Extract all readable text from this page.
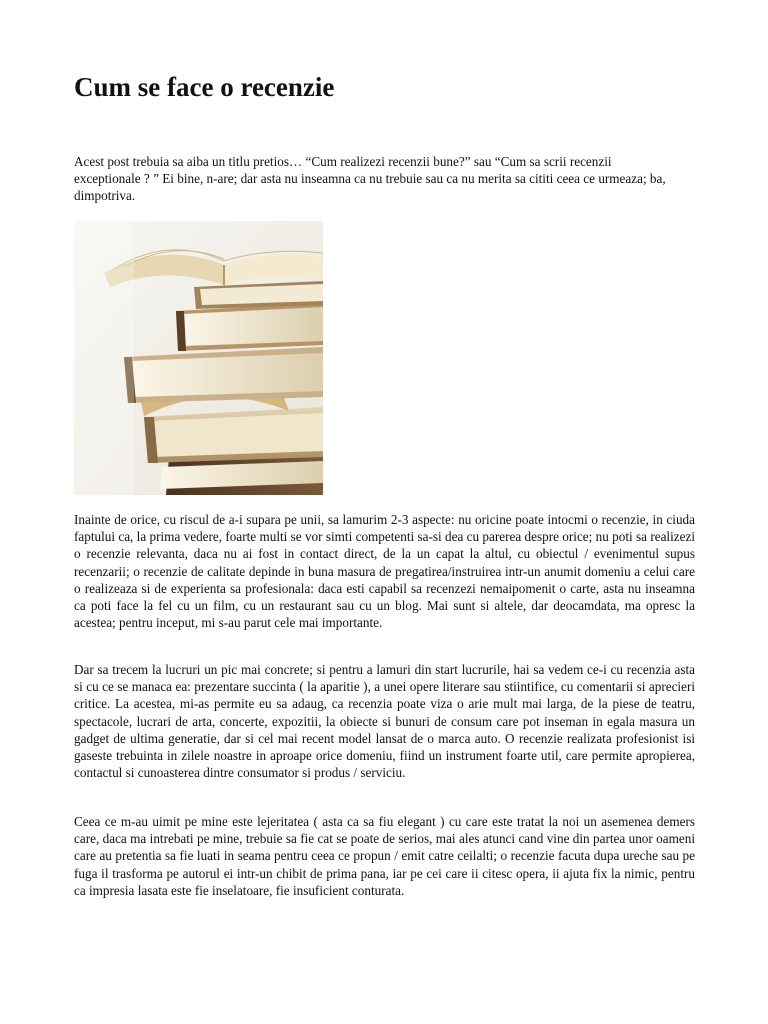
Cum se face o recenzie

Acest post trebuia sa aiba un titlu pretios… “Cum realizezi recenzii bune?” sau “Cum sa scrii recenzii exceptionale ? ” Ei bine, n-are; dar asta nu inseamna ca nu trebuie sau ca nu merita sa cititi ceea ce urmeaza; ba, dimpotriva.

Inainte de orice, cu riscul de a-i supara pe unii, sa lamurim 2-3 aspecte: nu oricine poate intocmi o recenzie, in ciuda faptului ca, la prima vedere, foarte multi se vor simti competenti sa-si dea cu parerea despre orice; nu poti sa realizezi o recenzie relevanta, daca nu ai fost in contact direct, de la un capat la altul, cu obiectul / evenimentul supus recenzarii; o recenzie de calitate depinde in buna masura de pregatirea/instruirea intr-un anumit domeniu a celui care o realizeaza si de experienta sa profesionala: daca esti capabil sa recenzezi nemaipomenit o carte, asta nu inseamna ca poti face la fel cu un film, cu un restaurant sau cu un blog. Mai sunt si altele, dar deocamdata, ma opresc la acestea; pentru inceput, mi s-au parut cele mai importante.

Dar sa trecem la lucruri un pic mai concrete; si pentru a lamuri din start lucrurile, hai sa vedem ce-i cu recenzia asta si cu ce se manaca ea: prezentare succinta ( la aparitie ), a unei opere literare sau stiintifice, cu comentarii si aprecieri critice. La acestea, mi-as permite eu sa adaug, ca recenzia poate viza o arie mult mai larga, de la piese de teatru, spectacole, lucrari de arta, concerte, expozitii, la obiecte si bunuri de consum care pot inseman in egala masura un gadget de ultima generatie, dar si cel mai recent model lansat de o marca auto. O recenzie realizata profesionist isi gaseste trebuinta in zilele noastre in aproape orice domeniu, fiind un instrument foarte util, care permite apropierea, contactul si cunoasterea dintre consumator si produs / serviciu.

Ceea ce m-au uimit pe mine este lejeritatea ( asta ca sa fiu elegant ) cu care este tratat la noi un asemenea demers care, daca ma intrebati pe mine, trebuie sa fie cat se poate de serios, mai ales atunci cand vine din partea unor oameni care au pretentia sa fie luati in seama pentru ceea ce propun / emit catre ceilalti; o recenzie facuta dupa ureche sau pe fuga il trasforma pe autorul ei intr-un chibit de prima pana, iar pe cei care ii citesc opera, ii ajuta fix la nimic, pentru ca impresia lasata este fie inselatoare, fie insuficient conturata.
